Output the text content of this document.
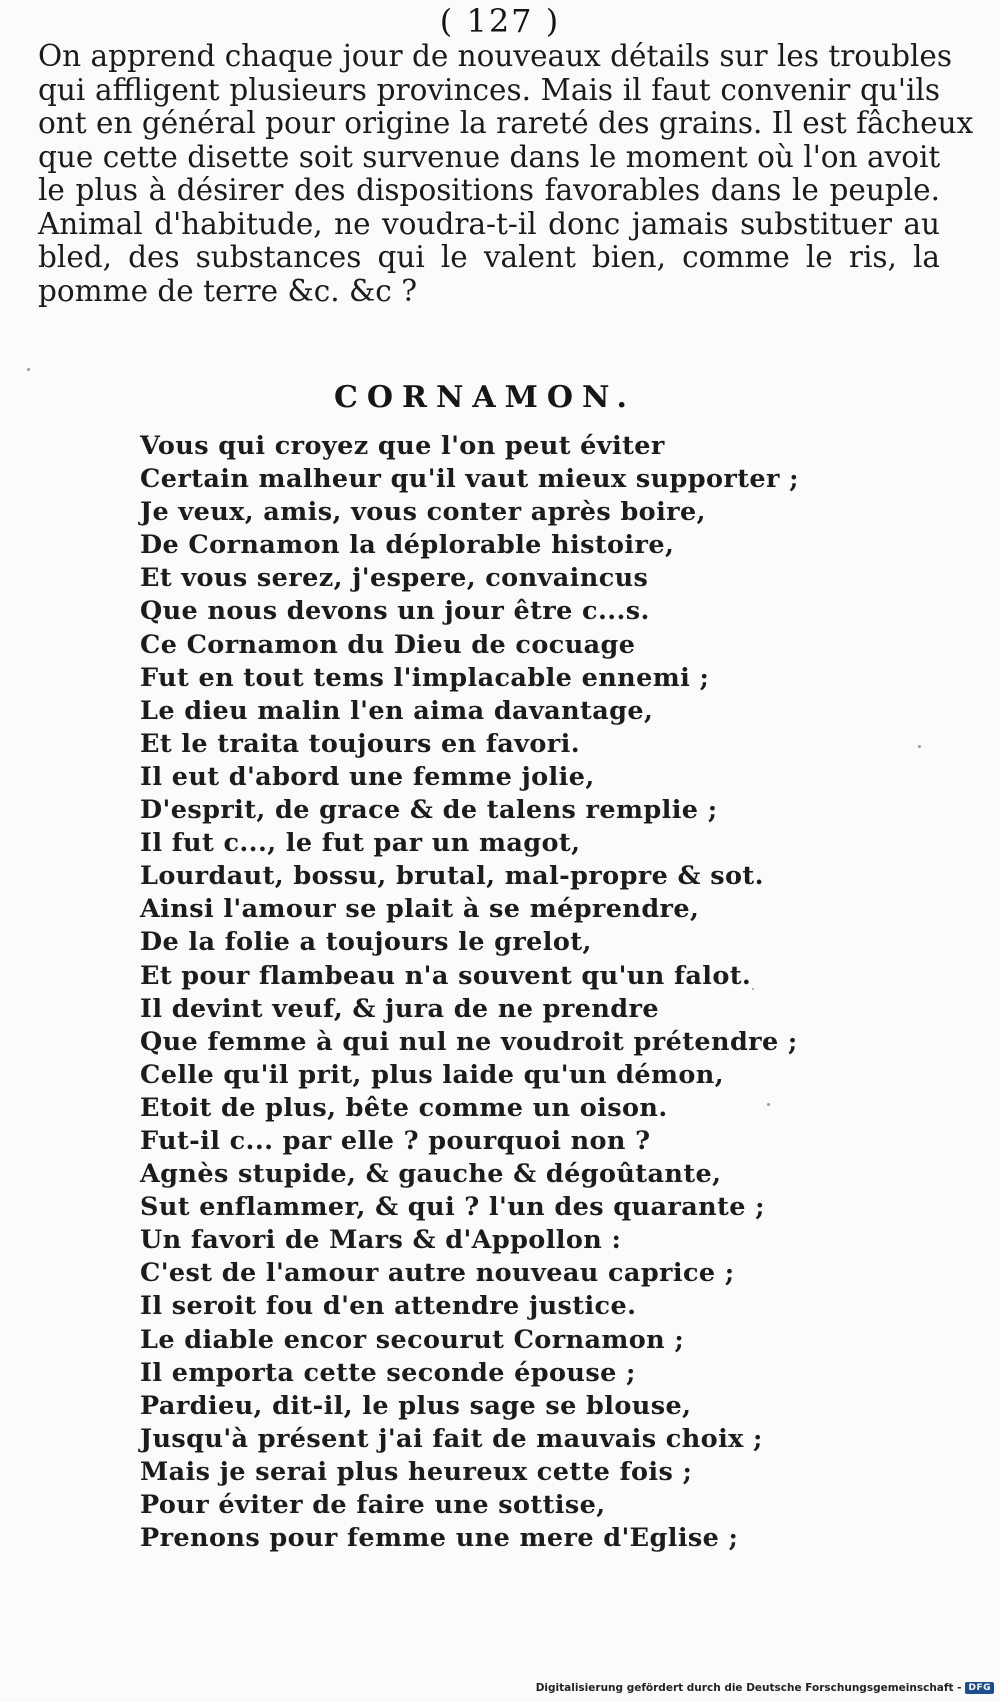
( 127 )
On apprend chaque jour de nouveaux détails sur les troubles
qui affligent plusieurs provinces. Mais il faut convenir qu'ils
ont en général pour origine la rareté des grains. Il est fâcheux
que cette disette soit survenue dans le moment où l'on avoit
le plus à désirer des dispositions favorables dans le peuple.
Animal d'habitude, ne voudra-t-il donc jamais substituer au
bled, des substances qui le valent bien, comme le ris, la
pomme de terre &c. &c ?
CORNAMON.
Vous qui croyez que l'on peut éviter
Certain malheur qu'il vaut mieux supporter ;
Je veux, amis, vous conter après boire,
De Cornamon la déplorable histoire,
Et vous serez, j'espere, convaincus
Que nous devons un jour être c...s.
Ce Cornamon du Dieu de cocuage
Fut en tout tems l'implacable ennemi ;
Le dieu malin l'en aima davantage,
Et le traita toujours en favori.
Il eut d'abord une femme jolie,
D'esprit, de grace & de talens remplie ;
Il fut c..., le fut par un magot,
Lourdaut, bossu, brutal, mal-propre & sot.
Ainsi l'amour se plait à se méprendre,
De la folie a toujours le grelot,
Et pour flambeau n'a souvent qu'un falot.
Il devint veuf, & jura de ne prendre
Que femme à qui nul ne voudroit prétendre ;
Celle qu'il prit, plus laide qu'un démon,
Etoit de plus, bête comme un oison.
Fut-il c... par elle ? pourquoi non ?
Agnès stupide, & gauche & dégoûtante,
Sut enflammer, & qui ? l'un des quarante ;
Un favori de Mars & d'Appollon :
C'est de l'amour autre nouveau caprice ;
Il seroit fou d'en attendre justice.
Le diable encor secourut Cornamon ;
Il emporta cette seconde épouse ;
Pardieu, dit-il, le plus sage se blouse,
Jusqu'à présent j'ai fait de mauvais choix ;
Mais je serai plus heureux cette fois ;
Pour éviter de faire une sottise,
Prenons pour femme une mere d'Eglise ;
Digitalisierung gefördert durch die Deutsche Forschungsgemeinschaft - DFG
